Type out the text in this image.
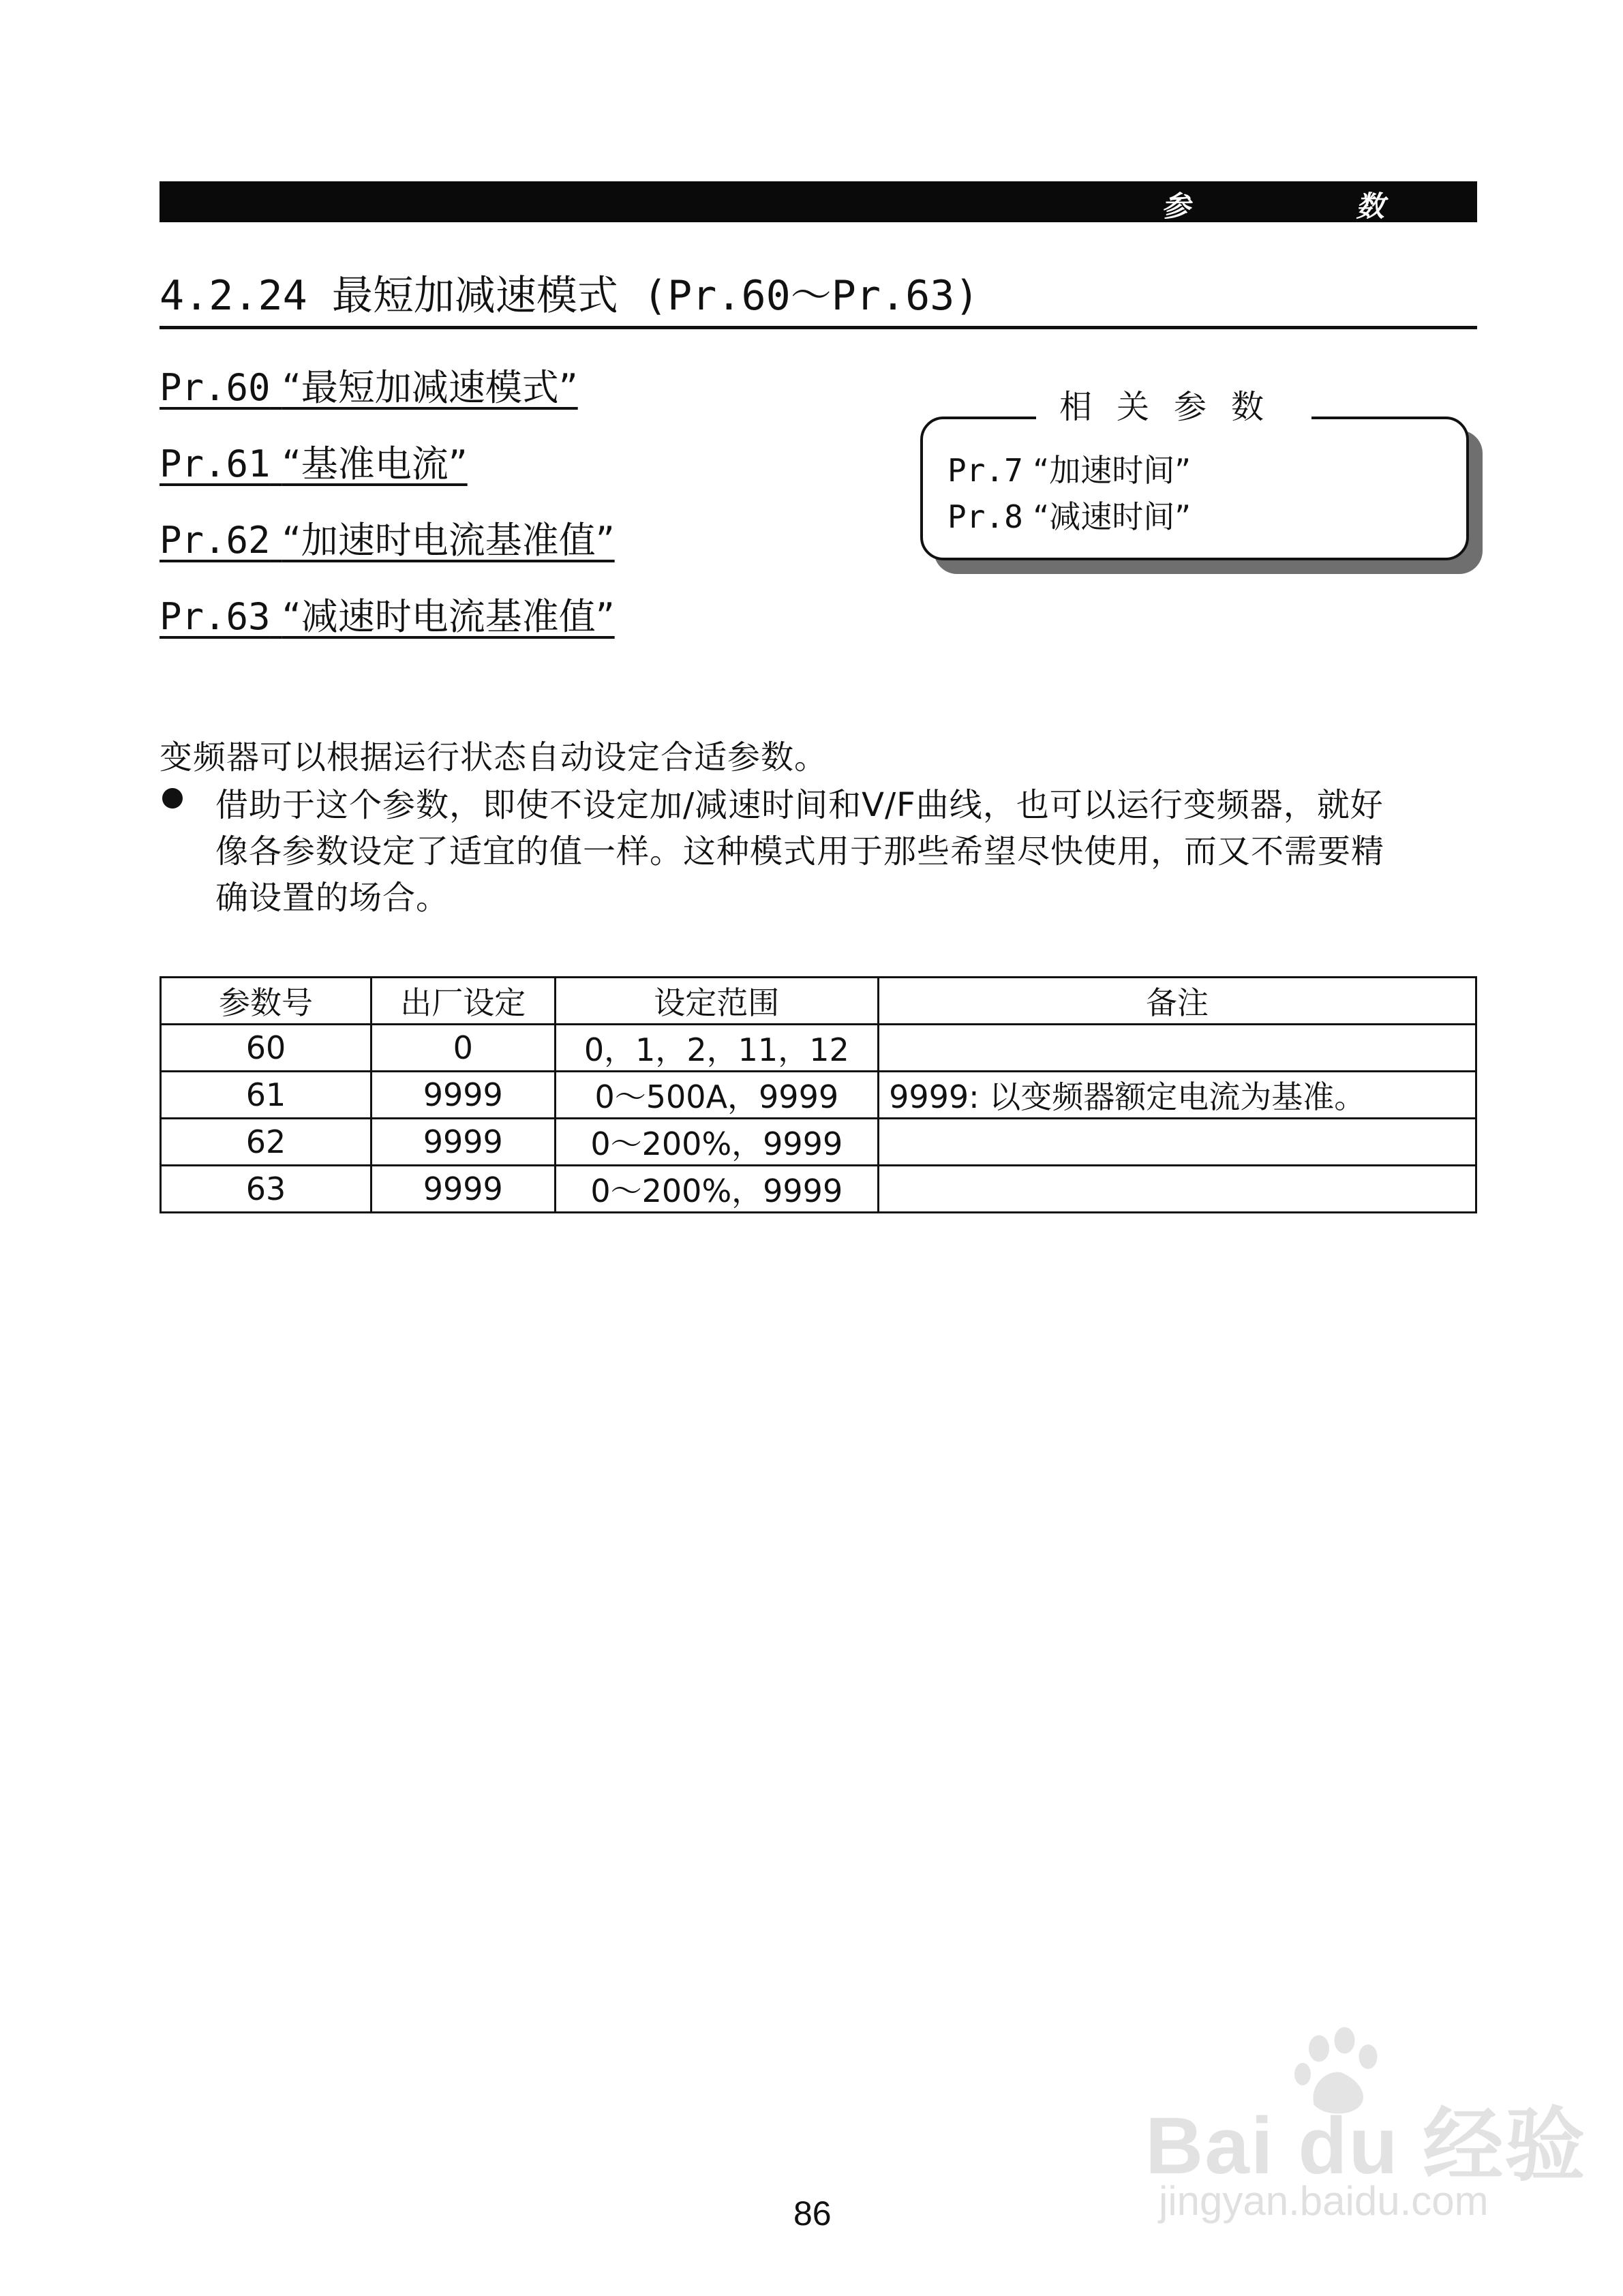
参	数
4.2.24 最短加减速模式 (Pr.60～Pr.63)
Pr.60 “最短加减速模式”
Pr.61 “基准电流”
Pr.62 “加速时电流基准值”
Pr.63 “减速时电流基准值”
相关参数
Pr.7 “加速时间”
Pr.8 “减速时间”
变频器可以根据运行状态自动设定合适参数。
借助于这个参数，即使不设定加/减速时间和V/F曲线，也可以运行变频器，就好
像各参数设定了适宜的值一样。这种模式用于那些希望尽快使用，而又不需要精
确设置的场合。
参数号	出厂设定	设定范围	备注
60	0	0，1，2，11，12	
61	9999	0～500A，9999	9999: 以变频器额定电流为基准。
62	9999	0～200%，9999	
63	9999	0～200%，9999	
Bai du 经验
jingyan.baidu.com
86
